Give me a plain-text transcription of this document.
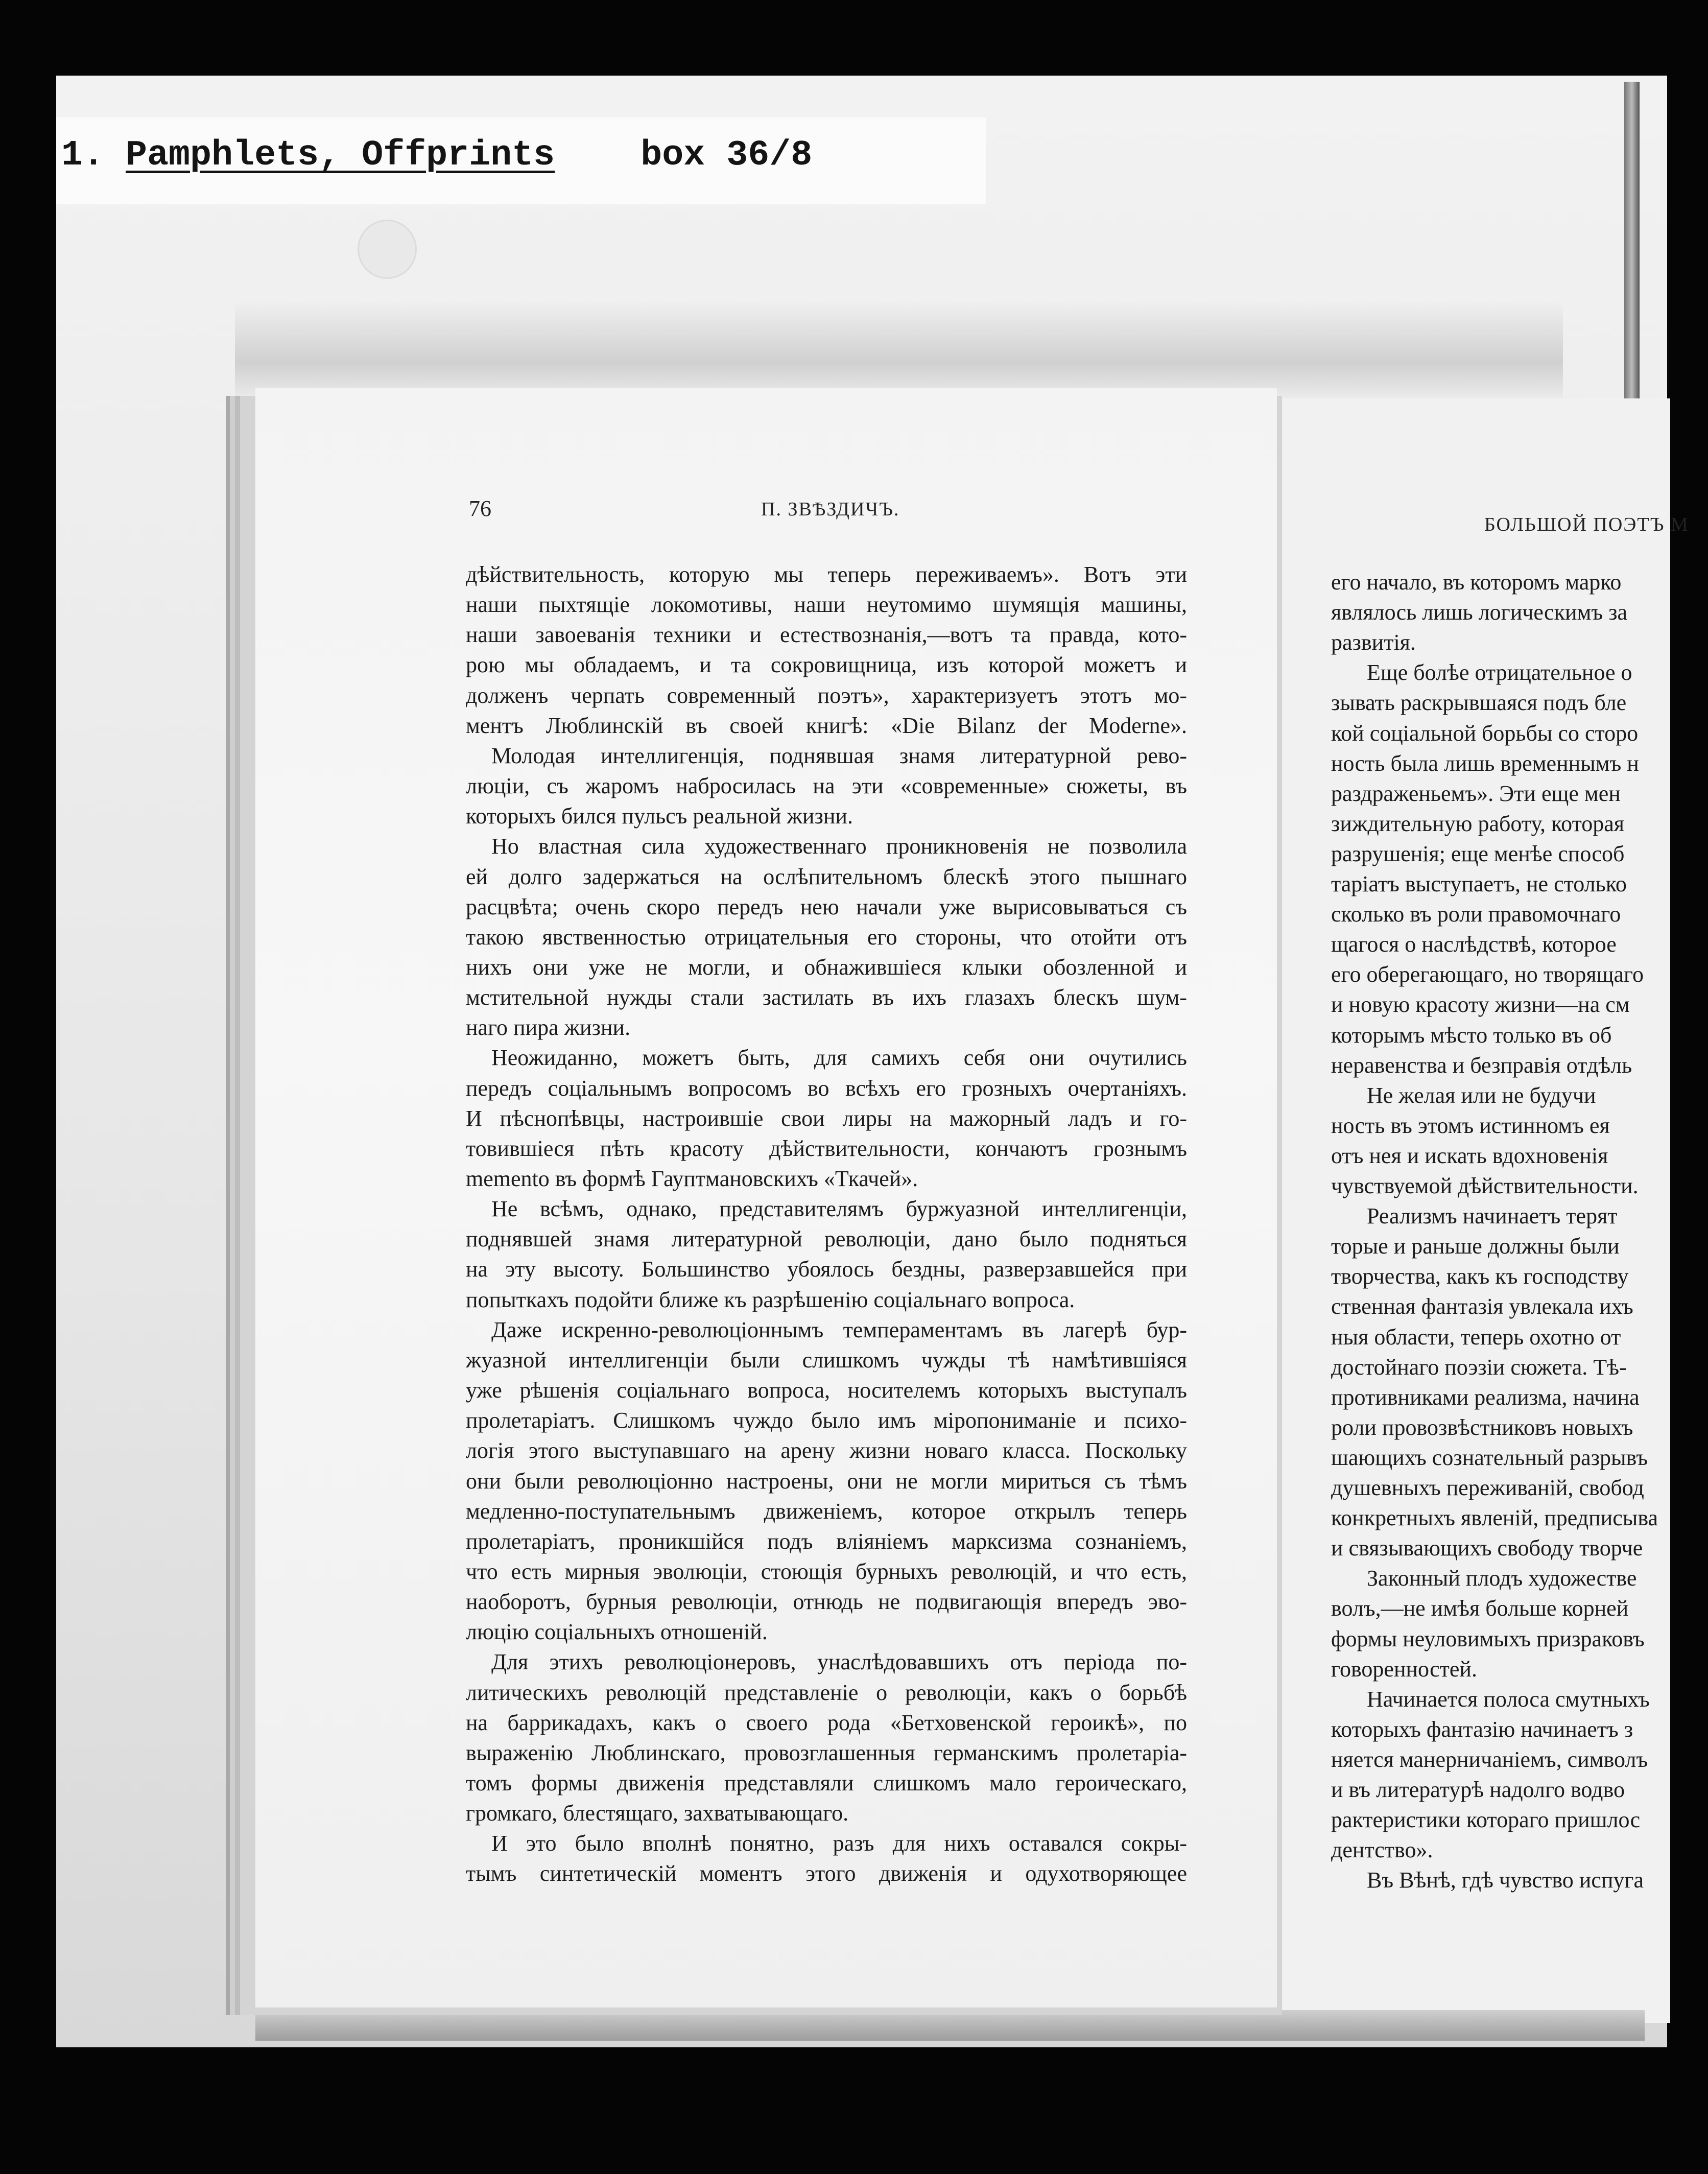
1. Pamphlets, Offprints box 36/8
76	П. ЗВѢЗДИЧЪ.
БОЛЬШОЙ ПОЭТЪ М
дѣйствительность, которую мы теперь переживаемъ». Вотъ эти
наши пыхтящіе локомотивы, наши неутомимо шумящія машины,
наши завоеванія техники и естествознанія,—вотъ та правда, кото-
рою мы обладаемъ, и та сокровищница, изъ которой можетъ и
долженъ черпать современный поэтъ», характеризуетъ этотъ мо-
ментъ Люблинскій въ своей книгѣ: «Die Bilanz der Moderne».
Молодая интеллигенція, поднявшая знамя литературной рево-
люціи, съ жаромъ набросилась на эти «современные» сюжеты, въ
которыхъ бился пульсъ реальной жизни.
Но властная сила художественнаго проникновенія не позволила
ей долго задержаться на ослѣпительномъ блескѣ этого пышнаго
расцвѣта; очень скоро передъ нею начали уже вырисовываться съ
такою явственностью отрицательныя его стороны, что отойти отъ
нихъ они уже не могли, и обнажившіеся клыки обозленной и
мстительной нужды стали застилать въ ихъ глазахъ блескъ шум-
наго пира жизни.
Неожиданно, можетъ быть, для самихъ себя они очутились
передъ соціальнымъ вопросомъ во всѣхъ его грозныхъ очертаніяхъ.
И пѣснопѣвцы, настроившіе свои лиры на мажорный ладъ и го-
товившіеся пѣть красоту дѣйствительности, кончаютъ грознымъ
memento въ формѣ Гауптмановскихъ «Ткачей».
Не всѣмъ, однако, представителямъ буржуазной интеллигенціи,
поднявшей знамя литературной революціи, дано было подняться
на эту высоту. Большинство убоялось бездны, разверзавшейся при
попыткахъ подойти ближе къ разрѣшенію соціальнаго вопроса.
Даже искренно-революціоннымъ темпераментамъ въ лагерѣ бур-
жуазной интеллигенціи были слишкомъ чужды тѣ намѣтившіяся
уже рѣшенія соціальнаго вопроса, носителемъ которыхъ выступалъ
пролетаріатъ. Слишкомъ чуждо было имъ міропониманіе и психо-
логія этого выступавшаго на арену жизни новаго класса. Поскольку
они были революціонно настроены, они не могли мириться съ тѣмъ
медленно-поступательнымъ движеніемъ, которое открылъ теперь
пролетаріатъ, проникшійся подъ вліяніемъ марксизма сознаніемъ,
что есть мирныя эволюціи, стоющія бурныхъ революцій, и что есть,
наоборотъ, бурныя революціи, отнюдь не подвигающія впередъ эво-
люцію соціальныхъ отношеній.
Для этихъ революціонеровъ, унаслѣдовавшихъ отъ періода по-
литическихъ революцій представленіе о революціи, какъ о борьбѣ
на баррикадахъ, какъ о своего рода «Бетховенской героикѣ», по
выраженію Люблинскаго, провозглашенныя германскимъ пролетаріа-
томъ формы движенія представляли слишкомъ мало героическаго,
громкаго, блестящаго, захватывающаго.
И это было вполнѣ понятно, разъ для нихъ оставался сокры-
тымъ синтетическій моментъ этого движенія и одухотворяющее
его начало, въ которомъ марко
являлось лишь логическимъ за
развитія.
Еще болѣе отрицательное о
зывать раскрывшаяся подъ бле
кой соціальной борьбы со сторо
ность была лишь временнымъ н
раздраженьемъ». Эти еще мен
зиждительную работу, которая
разрушенія; еще менѣе способ
таріатъ выступаетъ, не столько
сколько въ роли правомочнаго
щагося о наслѣдствѣ, которое
его оберегающаго, но творящаго
и новую красоту жизни—на см
которымъ мѣсто только въ об
неравенства и безправія отдѣль
Не желая или не будучи
ность въ этомъ истинномъ ея
отъ нея и искать вдохновенія
чувствуемой дѣйствительности.
Реализмъ начинаетъ терят
торые и раньше должны были
творчества, какъ къ господству
ственная фантазія увлекала ихъ
ныя области, теперь охотно от
достойнаго поэзіи сюжета. Тѣ-
противниками реализма, начина
роли провозвѣстниковъ новыхъ
шающихъ сознательный разрывъ
душевныхъ переживаній, свобод
конкретныхъ явленій, предписыва
и связывающихъ свободу творче
Законный плодъ художестве
волъ,—не имѣя больше корней
формы неуловимыхъ призраковъ
говоренностей.
Начинается полоса смутныхъ
которыхъ фантазію начинаетъ з
няется манерничаніемъ, символъ
и въ литературѣ надолго водво
рактеристики котораго пришлос
дентство».
Въ Вѣнѣ, гдѣ чувство испуга
